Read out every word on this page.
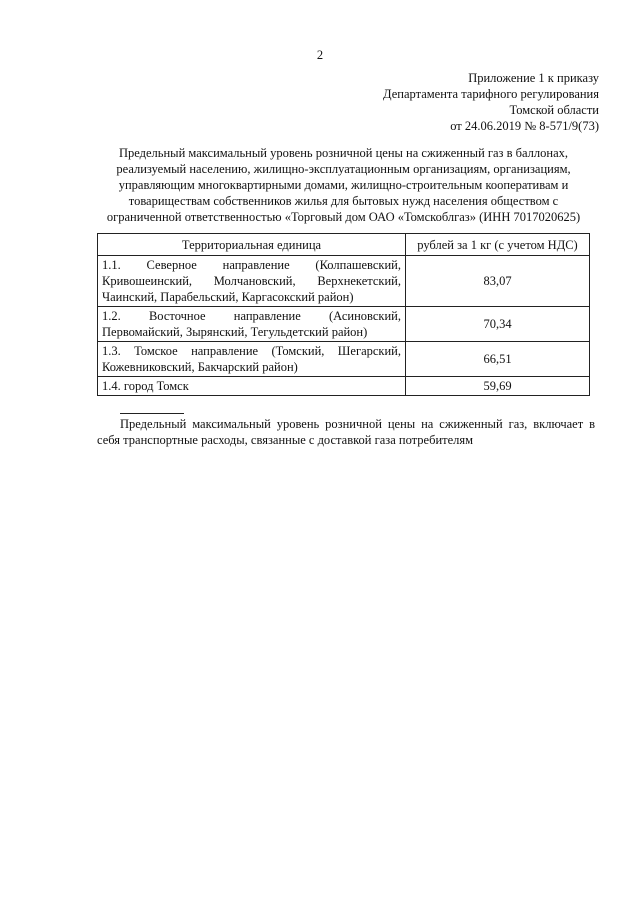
2
Приложение 1 к приказу
Департамента тарифного регулирования
Томской области
от 24.06.2019 № 8-571/9(73)
Предельный максимальный уровень розничной цены на сжиженный газ в баллонах,
реализуемый населению, жилищно-эксплуатационным организациям, организациям,
управляющим многоквартирными домами, жилищно-строительным кооперативам и
товариществам собственников жилья для бытовых нужд населения обществом с
ограниченной ответственностью «Торговый дом ОАО «Томскоблгаз» (ИНН 7017020625)
Территориальная единица	рублей за 1 кг (с учетом НДС)
1.1. Северное направление (Колпашевский, Кривошеинский, Молчановский, Верхнекетский, Чаинский, Парабельский, Каргасокский район)	83,07
1.2. Восточное направление (Асиновский, Первомайский, Зырянский, Тегульдетский район)	70,34
1.3. Томское направление (Томский, Шегарский, Кожевниковский, Бакчарский район)	66,51
1.4. город Томск	59,69
Предельный максимальный уровень розничной цены на сжиженный газ, включает в себя транспортные расходы, связанные с доставкой газа потребителям
